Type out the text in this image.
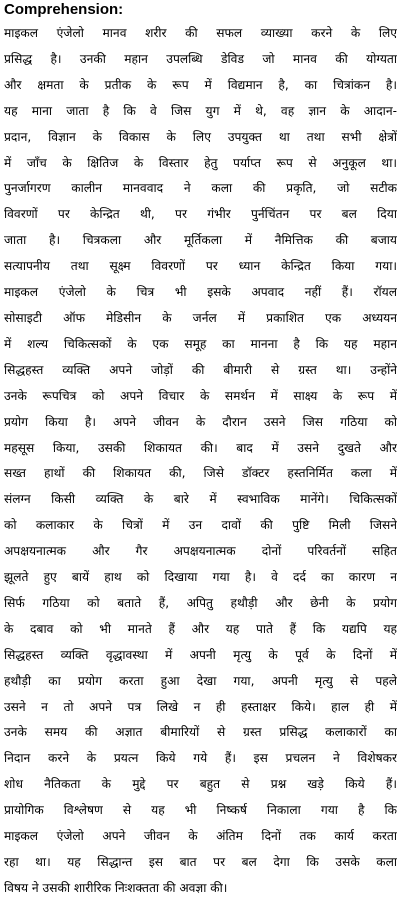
Comprehension:
माइकल एंजेलो मानव शरीर की सफल व्याख्या करने के लिए
प्रसिद्ध है। उनकी महान उपलब्धि डेविड जो मानव की योग्यता
और क्षमता के प्रतीक के रूप में विद्यमान है, का चित्रांकन है।
यह माना जाता है कि वे जिस युग में थे, वह ज्ञान के आदान-
प्रदान, विज्ञान के विकास के लिए उपयुक्त था तथा सभी क्षेत्रों
में जाँच के क्षितिज के विस्तार हेतु पर्याप्त रूप से अनुकूल था।
पुनर्जागरण कालीन मानववाद ने कला की प्रकृति, जो सटीक
विवरणों पर केन्द्रित थी, पर गंभीर पुर्नचिंतन पर बल दिया
जाता है। चित्रकला और मूर्तिकला में नैमित्तिक की बजाय
सत्यापनीय तथा सूक्ष्म विवरणों पर ध्यान केन्द्रित किया गया।
माइकल एंजेलो के चित्र भी इसके अपवाद नहीं हैं। रॉयल
सोसाइटी ऑफ मेडिसीन के जर्नल में प्रकाशित एक अध्ययन
में शल्य चिकित्सकों के एक समूह का मानना है कि यह महान
सिद्धहस्त व्यक्ति अपने जोड़ों की बीमारी से ग्रस्त था। उन्होंने
उनके रूपचित्र को अपने विचार के समर्थन में साक्ष्य के रूप में
प्रयोग किया है। अपने जीवन के दौरान उसने जिस गठिया को
महसूस किया, उसकी शिकायत की। बाद में उसने दुखते और
सख्त हाथों की शिकायत की, जिसे डॉक्टर हस्तनिर्मित कला में
संलग्न किसी व्यक्ति के बारे में स्वभाविक मानेंगे। चिकित्सकों
को कलाकार के चित्रों में उन दावों की पुष्टि मिली जिसने
अपक्षयनात्मक और गैर अपक्षयनात्मक दोनों परिवर्तनों सहित
झूलते हुए बायें हाथ को दिखाया गया है। वे दर्द का कारण न
सिर्फ गठिया को बताते हैं, अपितु हथौड़ी और छेनी के प्रयोग
के दबाव को भी मानते हैं और यह पाते हैं कि यद्यपि यह
सिद्धहस्त व्यक्ति वृद्धावस्था में अपनी मृत्यु के पूर्व के दिनों में
हथौड़ी का प्रयोग करता हुआ देखा गया, अपनी मृत्यु से पहले
उसने न तो अपने पत्र लिखे न ही हस्ताक्षर किये। हाल ही में
उनके समय की अज्ञात बीमारियों से ग्रस्त प्रसिद्ध कलाकारों का
निदान करने के प्रयत्न किये गये हैं। इस प्रचलन ने विशेषकर
शोध नैतिकता के मुद्दे पर बहुत से प्रश्न खड़े किये हैं।
प्रायोगिक विश्लेषण से यह भी निष्कर्ष निकाला गया है कि
माइकल एंजेलो अपने जीवन के अंतिम दिनों तक कार्य करता
रहा था। यह सिद्धान्त इस बात पर बल देगा कि उसके कला
विषय ने उसकी शारीरिक निःशक्तता की अवज्ञा की।
